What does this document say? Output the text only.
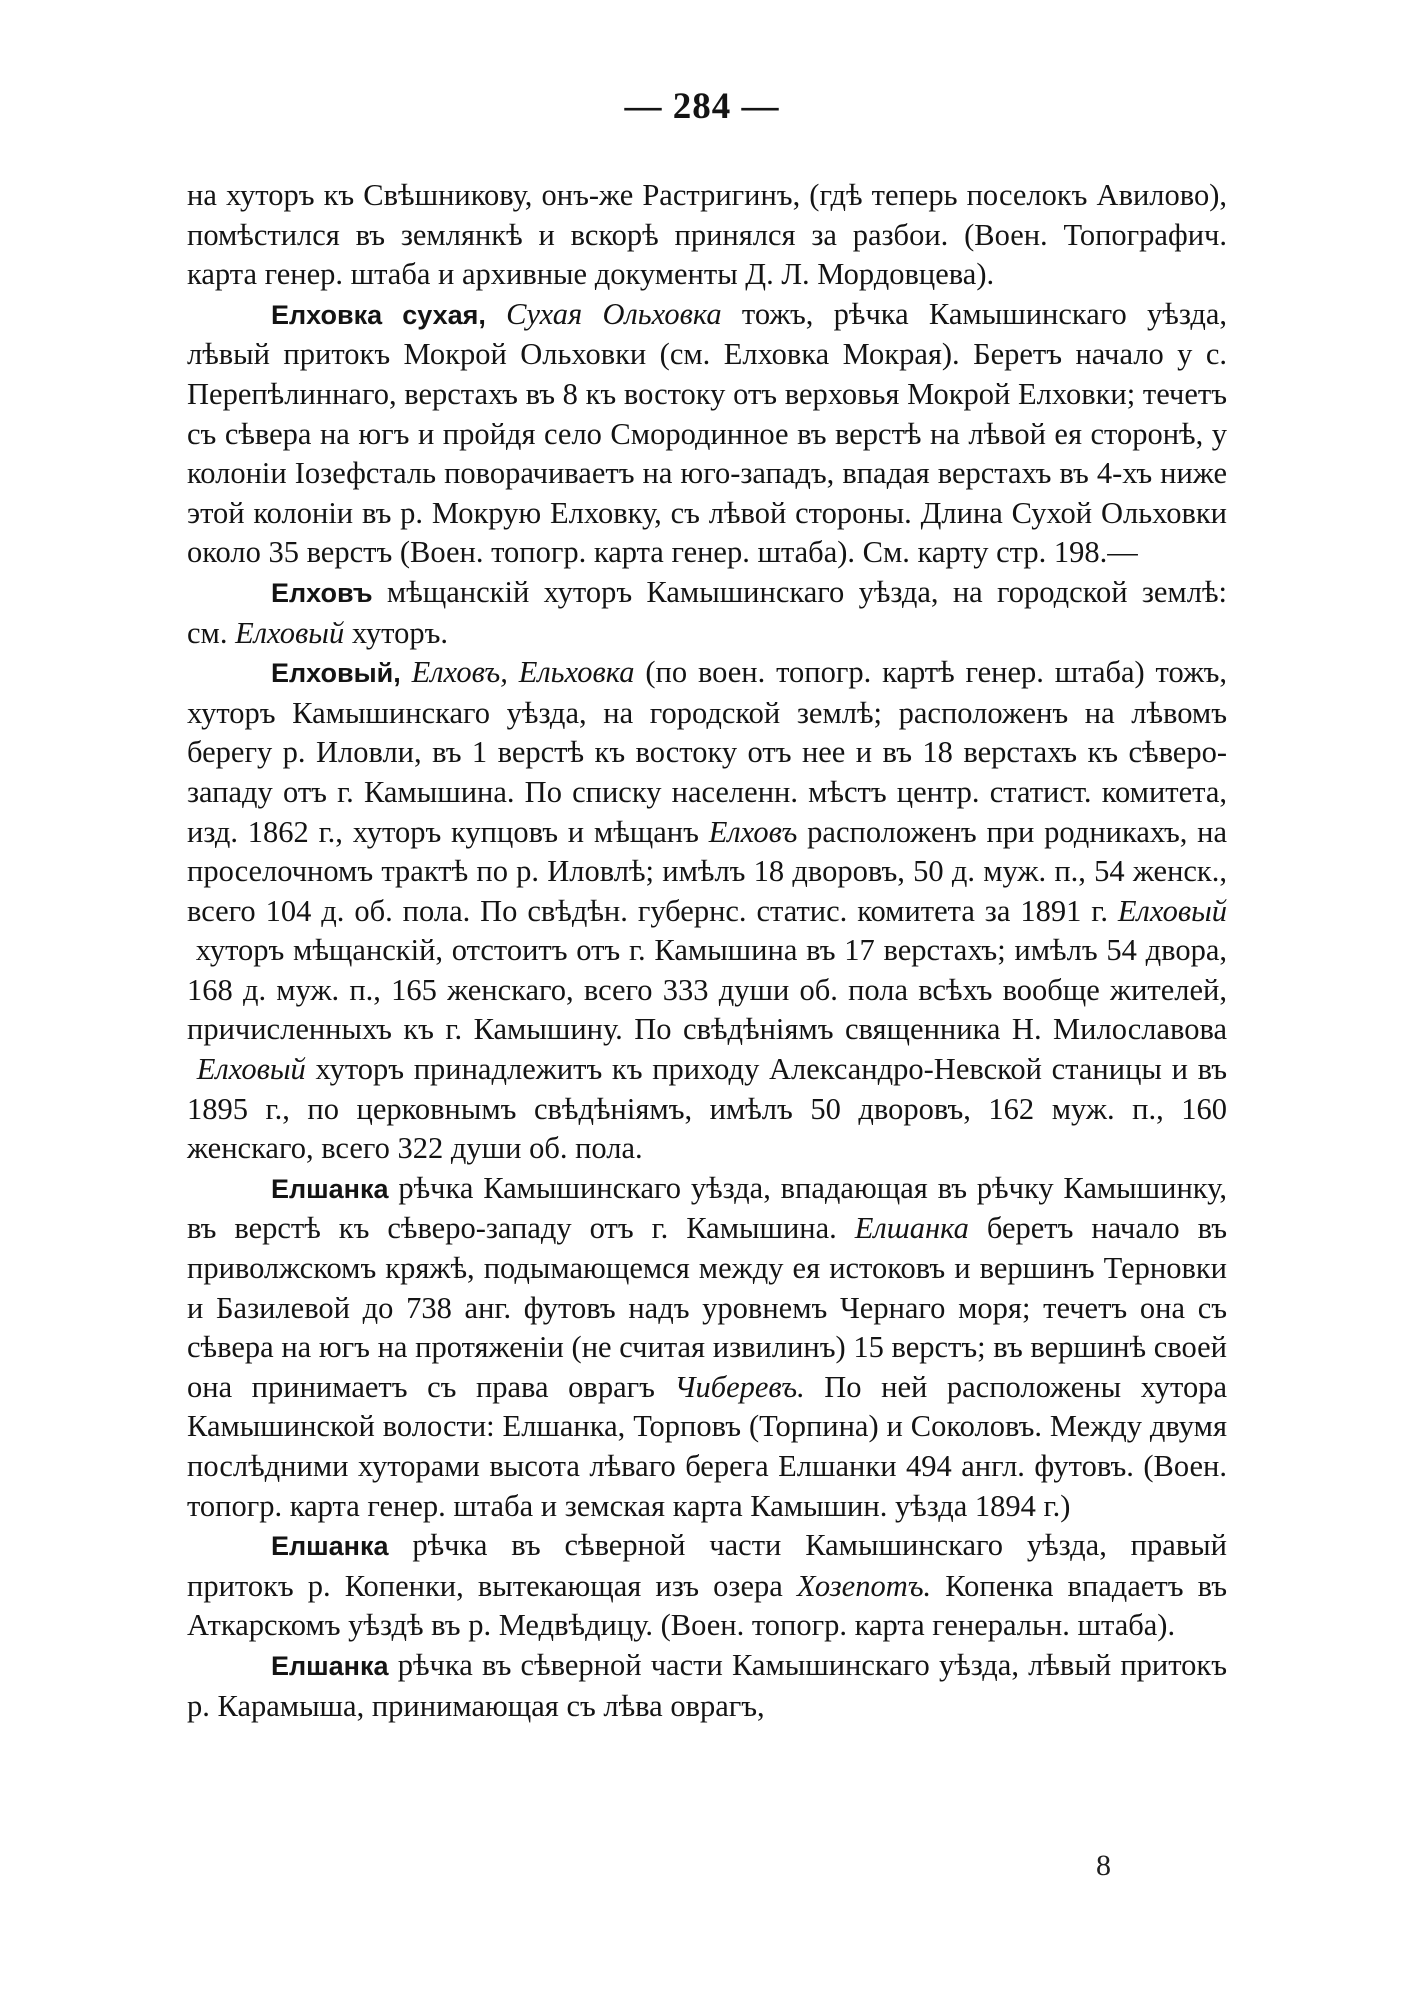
— 284 —

на хуторъ къ Свѣшникову, онъ-же Растригинъ, (гдѣ теперь поселокъ Авилово), помѣстился въ землянкѣ и вскорѣ принялся за разбои. (Воен. Топографич. карта генер. штаба и архивные документы Д. Л. Мордовцева).

Елховка сухая, Сухая Ольховка тожъ, рѣчка Камышинскаго уѣзда, лѣвый притокъ Мокрой Ольховки (см. Елховка Мокрая). Беретъ начало у с. Перепѣлиннаго, верстахъ въ 8 къ востоку отъ верховья Мокрой Елховки; течетъ съ сѣвера на югъ и пройдя село Смородинное въ верстѣ на лѣвой ея сторонѣ, у колоніи Іозефсталь поворачиваетъ на юго-западъ, впадая верстахъ въ 4-хъ ниже этой колоніи въ р. Мокрую Елховку, съ лѣвой стороны. Длина Сухой Ольховки около 35 верстъ (Воен. топогр. карта генер. штаба). См. карту стр. 198.—

Елховъ мѣщанскій хуторъ Камышинскаго уѣзда, на городской землѣ: см. Елховый хуторъ.

Елховый, Елховъ, Ельховка (по воен. топогр. картѣ генер. штаба) тожъ, хуторъ Камышинскаго уѣзда, на городской землѣ; расположенъ на лѣвомъ берегу р. Иловли, въ 1 верстѣ къ востоку отъ нее и въ 18 верстахъ къ сѣверо-западу отъ г. Камышина. По списку населенн. мѣстъ центр. статист. комитета, изд. 1862 г., хуторъ купцовъ и мѣщанъ Елховъ расположенъ при родникахъ, на проселочномъ трактѣ по р. Иловлѣ; имѣлъ 18 дворовъ, 50 д. муж. п., 54 женск., всего 104 д. об. пола. По свѣдѣн. губернс. статис. комитета за 1891 г. Елховый хуторъ мѣщанскій, отстоитъ отъ г. Камышина въ 17 верстахъ; имѣлъ 54 двора, 168 д. муж. п., 165 женскаго, всего 333 души об. пола всѣхъ вообще жителей, причисленныхъ къ г. Камышину. По свѣдѣніямъ священника Н. Милославова Елховый хуторъ принадлежитъ къ приходу Александро-Невской станицы и въ 1895 г., по церковнымъ свѣдѣніямъ, имѣлъ 50 дворовъ, 162 муж. п., 160 женскаго, всего 322 души об. пола.

Елшанка рѣчка Камышинскаго уѣзда, впадающая въ рѣчку Камышинку, въ верстѣ къ сѣверо-западу отъ г. Камышина. Елшанка беретъ начало въ приволжскомъ кряжѣ, подымающемся между ея истоковъ и вершинъ Терновки и Базилевой до 738 анг. футовъ надъ уровнемъ Чернаго моря; течетъ она съ сѣвера на югъ на протяженіи (не считая извилинъ) 15 верстъ; въ вершинѣ своей она принимаетъ съ права оврагъ Чиберевъ. По ней расположены хутора Камышинской волости: Елшанка, Торповъ (Торпина) и Соколовъ. Между двумя послѣдними хуторами высота лѣваго берега Елшанки 494 англ. футовъ. (Воен. топогр. карта генер. штаба и земская карта Камышин. уѣзда 1894 г.)

Елшанка рѣчка въ сѣверной части Камышинскаго уѣзда, правый притокъ р. Копенки, вытекающая изъ озера Хозепотъ. Копенка впадаетъ въ Аткарскомъ уѣздѣ въ р. Медвѣдицу. (Воен. топогр. карта генеральн. штаба).

Елшанка рѣчка въ сѣверной части Камышинскаго уѣзда, лѣвый притокъ р. Карамыша, принимающая съ лѣва оврагъ,

8
